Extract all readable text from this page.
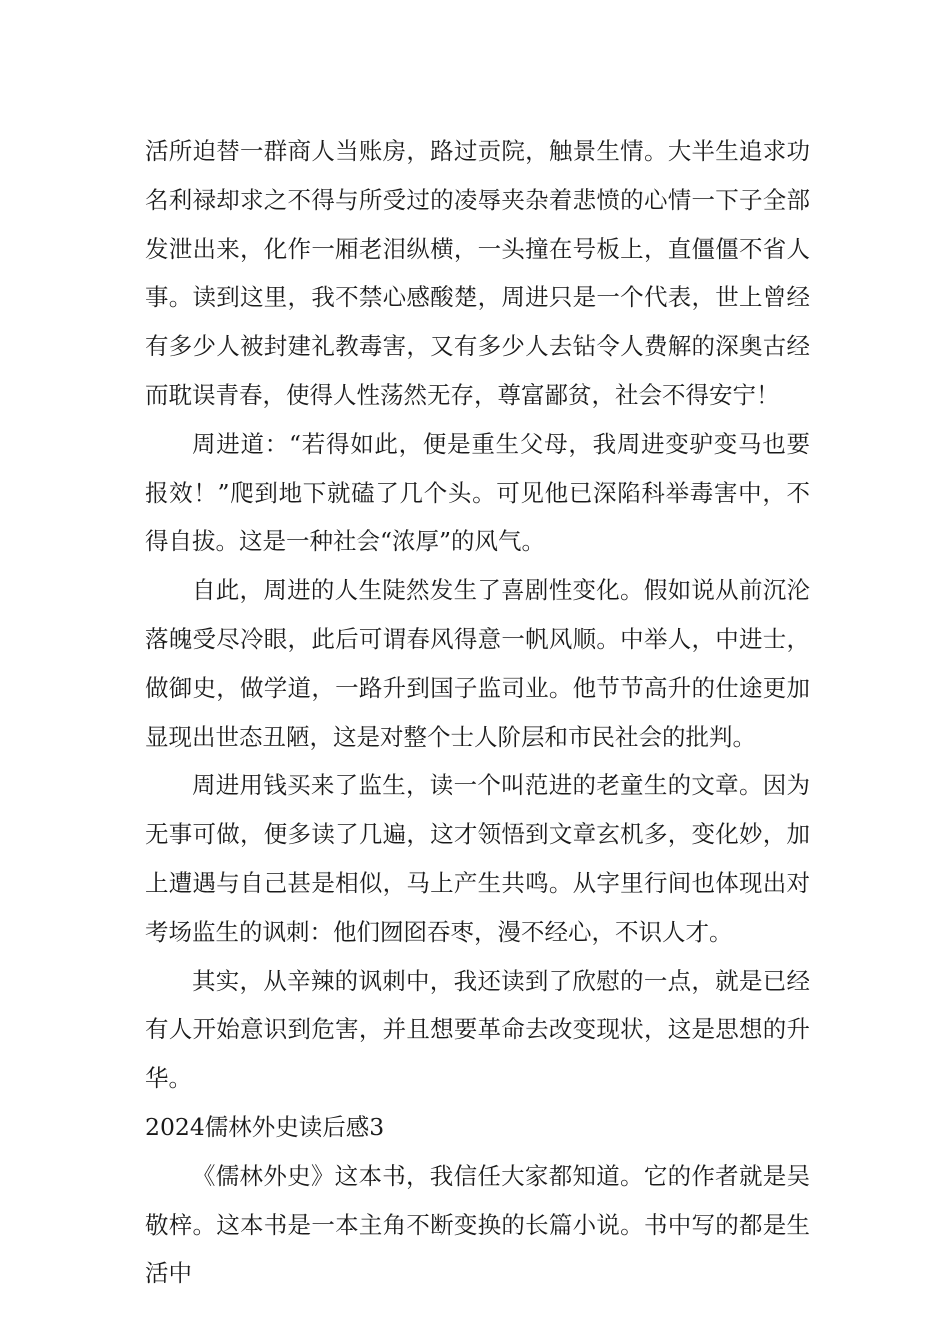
活所迫替一群商人当账房，路过贡院，触景生情。大半生追求功名利禄却求之不得与所受过的凌辱夹杂着悲愤的心情一下子全部发泄出来，化作一厢老泪纵横，一头撞在号板上，直僵僵不省人事。读到这里，我不禁心感酸楚，周进只是一个代表，世上曾经有多少人被封建礼教毒害，又有多少人去钻令人费解的深奥古经而耽误青春，使得人性荡然无存，尊富鄙贫，社会不得安宁！

周进道：“若得如此，便是重生父母，我周进变驴变马也要报效！”爬到地下就磕了几个头。可见他已深陷科举毒害中，不得自拔。这是一种社会“浓厚”的风气。

自此，周进的人生陡然发生了喜剧性变化。假如说从前沉沦落魄受尽冷眼，此后可谓春风得意一帆风顺。中举人，中进士，做御史，做学道，一路升到国子监司业。他节节高升的仕途更加显现出世态丑陋，这是对整个士人阶层和市民社会的批判。

周进用钱买来了监生，读一个叫范进的老童生的文章。因为无事可做，便多读了几遍，这才领悟到文章玄机多，变化妙，加上遭遇与自己甚是相似，马上产生共鸣。从字里行间也体现出对考场监生的讽刺：他们囫囵吞枣，漫不经心，不识人才。

其实，从辛辣的讽刺中，我还读到了欣慰的一点，就是已经有人开始意识到危害，并且想要革命去改变现状，这是思想的升华。

2024儒林外史读后感3

《儒林外史》这本书，我信任大家都知道。它的作者就是吴敬梓。这本书是一本主角不断变换的长篇小说。书中写的都是生活中
